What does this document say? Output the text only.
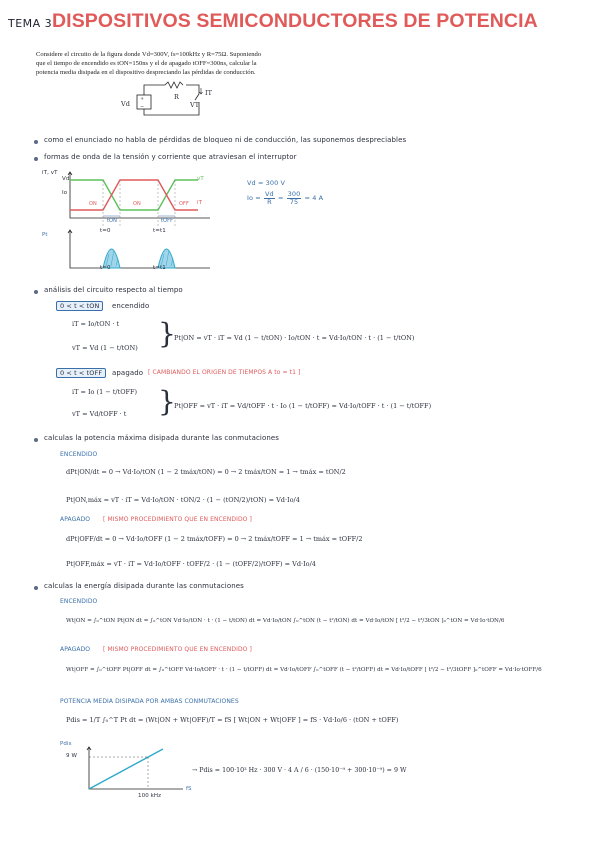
TEMA 3 DISPOSITIVOS SEMICONDUCTORES DE POTENCIA
Considere el circuito de la figura donde Vd=300V, fs=100kHz y R=75Ω. Suponiendo
que el tiempo de encendido es tON=150ns y el de apagado tOFF=300ns, calcular la
potencia media disipada en el dispositivo despreciando las pérdidas de conducción.
Vd
+
−
R
VT
IT
como el enunciado no habla de pérdidas de bloqueo ni de conducción, las suponemos despreciables
formas de onda de la tensión y corriente que atraviesan el interruptor
iT, vT
Vd
Io
vT
iT
ON	ON	OFF
tON	tOFF
t=0	t=t1
Pt
t=0	t=t1
Vd = 300 V
$Io = \frac{Vd}{R} = \frac{300}{75} = 4$ A
análisis del circuito respecto al tiempo
0 < t < tON	encendido
iT = Io/tON · t
vT = Vd (1 − t/tON) }
Pt|ON = vT · iT = Vd (1 − t/tON) · Io/tON · t = Vd·Io/tON · t · (1 − t/tON)
0 < t < tOFF	apagado [ CAMBIANDO EL ORIGEN DE TIEMPOS A to = t1 ]
iT = Io (1 − t/tOFF)
vT = Vd/tOFF · t }
Pt|OFF = vT · iT = Vd/tOFF · t · Io (1 − t/tOFF) = Vd·Io/tOFF · t · (1 − t/tOFF)
calculas la potencia máxima disipada durante las conmutaciones
ENCENDIDO
dPt|ON/dt = 0 → Vd·Io/tON (1 − 2 tmáx/tON) = 0 → 2 tmáx/tON = 1 → tmáx = tON/2
Pt|ON,máx = vT · iT = Vd·Io/tON · tON/2 · (1 − (tON/2)/tON) = Vd·Io/4
APAGADO [ MISMO PROCEDIMIENTO QUE EN ENCENDIDO ]
dPt|OFF/dt = 0 → Vd·Io/tOFF (1 − 2 tmáx/tOFF) = 0 → 2 tmáx/tOFF = 1 → tmáx = tOFF/2
Pt|OFF,máx = vT · iT = Vd·Io/tOFF · tOFF/2 · (1 − (tOFF/2)/tOFF) = Vd·Io/4
calculas la energía disipada durante las conmutaciones
ENCENDIDO
Wt|ON = ∫₀^tON Pt|ON dt = ∫₀^tON Vd·Io/tON · t · (1 − t/tON) dt = Vd·Io/tON ∫₀^tON (t − t²/tON) dt = Vd·Io/tON [ t²/2 − t³/3tON ]₀^tON = Vd·Io·tON/6
APAGADO [ MISMO PROCEDIMIENTO QUE EN ENCENDIDO ]
Wt|OFF = ∫₀^tOFF Pt|OFF dt = ∫₀^tOFF Vd·Io/tOFF · t · (1 − t/tOFF) dt = Vd·Io/tOFF ∫₀^tOFF (t − t²/tOFF) dt = Vd·Io/tOFF [ t²/2 − t³/3tOFF ]₀^tOFF = Vd·Io·tOFF/6
POTENCIA MEDIA DISIPADA POR AMBAS CONMUTACIONES
Pdis = 1/T ∫₀^T Pt dt = (Wt|ON + Wt|OFF)/T = fS [ Wt|ON + Wt|OFF ] = fS · Vd·Io/6 · (tON + tOFF)
Pdis
9 W
100 kHz
fS
→ Pdis = 100·10³ Hz · 300 V · 4 A / 6 · (150·10⁻⁹ + 300·10⁻⁹) = 9 W
